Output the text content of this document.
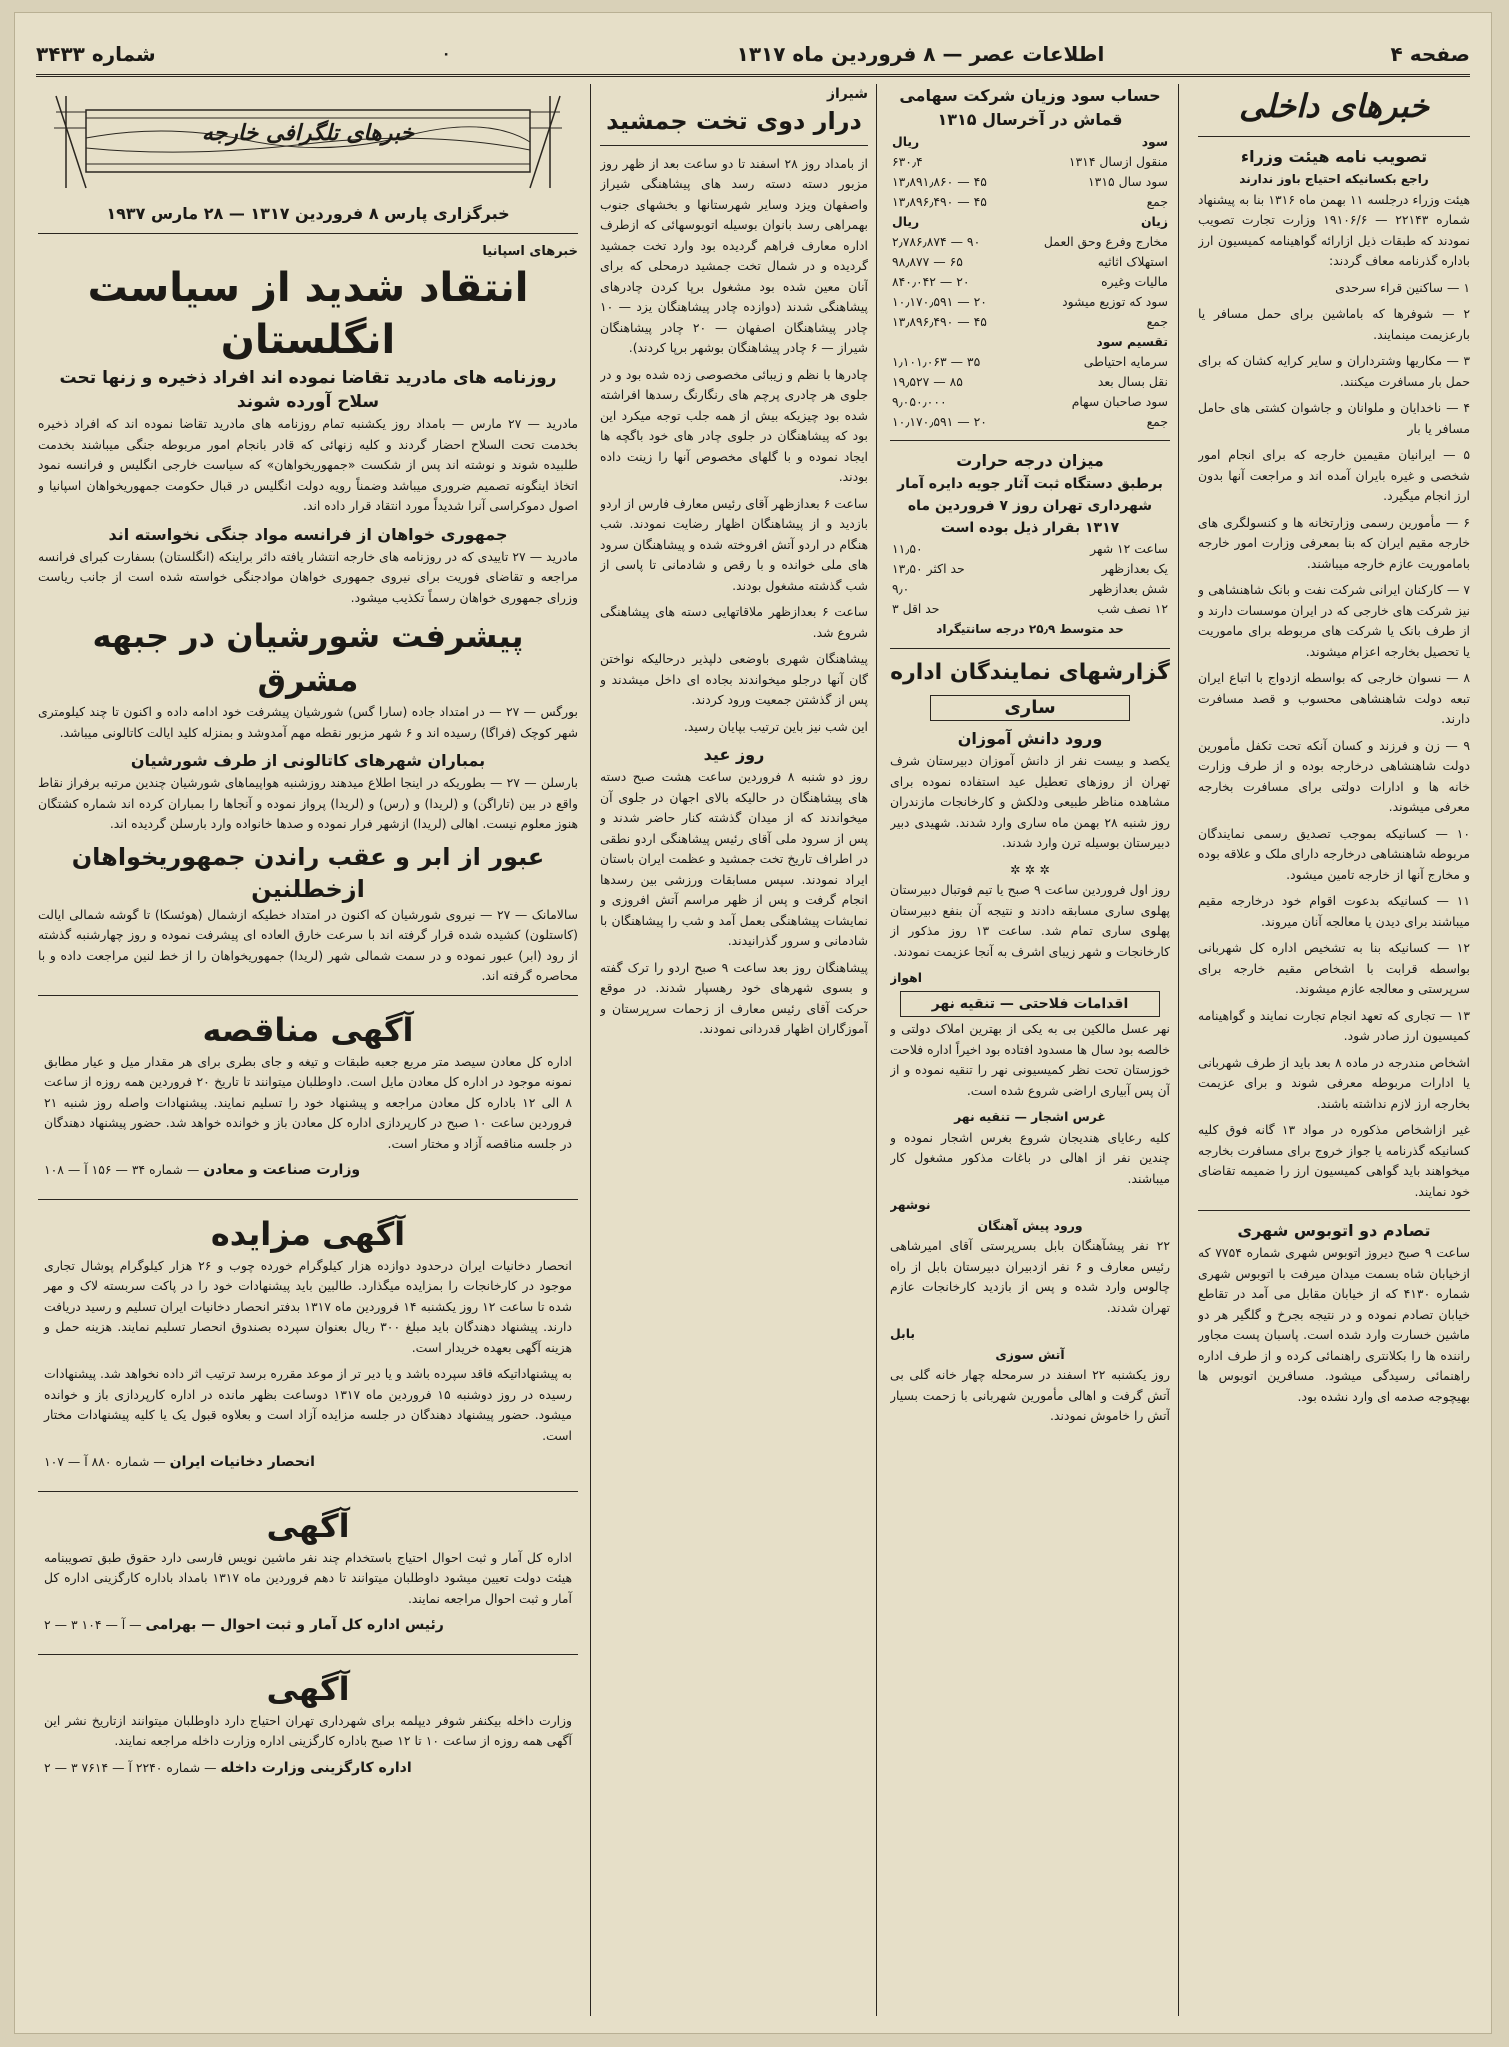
صفحه ۴
اطلاعات عصر — ۸ فروردین ماه ۱۳۱۷
۰
شماره ۳۴۳۳
خبرهای داخلی
تصویب نامه هیئت وزراء
راجع بکسانیکه احتیاج باوز ندارند

هیئت وزراء درجلسه ۱۱ بهمن ماه ۱۳۱۶ بنا به پیشنهاد شماره ۲۲۱۴۳ — ۱۹۱۰۶/۶ وزارت تجارت تصویب نمودند که طبقات ذیل ازارائه گواهینامه کمیسیون ارز باداره گذرنامه معاف گردند:

۱ — ساکنین قراء سرحدی

۲ — شوفرها که باماشین برای حمل مسافر یا بارعزیمت مینمایند.

۳ — مکاریها وشترداران و سایر کرایه کشان که برای حمل بار مسافرت میکنند.

۴ — ناخدایان و ملوانان و جاشوان کشتی های حامل مسافر یا بار

۵ — ایرانیان مقیمین خارجه که برای انجام امور شخصی و غیره بایران آمده اند و مراجعت آنها بدون ارز انجام میگیرد.

۶ — مأمورین رسمی وزارتخانه ها و کنسولگری های خارجه مقیم ایران که بنا بمعرفی وزارت امور خارجه باماموریت عازم خارجه میباشند.

۷ — کارکنان ایرانی شرکت نفت و بانک شاهنشاهی و نیز شرکت های خارجی که در ایران موسسات دارند و از طرف بانک یا شرکت های مربوطه برای ماموریت یا تحصیل بخارجه اعزام میشوند.

۸ — نسوان خارجی که بواسطه ازدواج با اتباع ایران تبعه دولت شاهنشاهی محسوب و قصد مسافرت دارند.

۹ — زن و فرزند و کسان آنکه تحت تکفل مأمورین دولت شاهنشاهی درخارجه بوده و از طرف وزارت خانه ها و ادارات دولتی برای مسافرت بخارجه معرفی میشوند.

۱۰ — کسانیکه بموجب تصدیق رسمی نمایندگان مربوطه شاهنشاهی درخارجه دارای ملک و علاقه بوده و مخارج آنها از خارجه تامین میشود.

۱۱ — کسانیکه بدعوت اقوام خود درخارجه مقیم میباشند برای دیدن یا معالجه آنان میروند.

۱۲ — کسانیکه بنا به تشخیص اداره کل شهربانی بواسطه قرابت با اشخاص مقیم خارجه برای سرپرستی و معالجه عازم میشوند.

۱۳ — تجاری که تعهد انجام تجارت نمایند و گواهینامه کمیسیون ارز صادر شود.

اشخاص مندرجه در ماده ۸ بعد باید از طرف شهربانی یا ادارات مربوطه معرفی شوند و برای عزیمت بخارجه ارز لازم نداشته باشند.

غیر ازاشخاص مذکوره در مواد ۱۳ گانه فوق کلیه کسانیکه گذرنامه یا جواز خروج برای مسافرت بخارجه میخواهند باید گواهی کمیسیون ارز را ضمیمه تقاضای خود نمایند.

تصادم دو اتوبوس شهری

ساعت ۹ صبح دیروز اتوبوس شهری شماره ۷۷۵۴ که ازخیابان شاه بسمت میدان میرفت با اتوبوس شهری شماره ۴۱۳۰ که از خیابان مقابل می آمد در تقاطع خیابان تصادم نموده و در نتیجه بجرخ و گلگیر هر دو ماشین خسارت وارد شده است. پاسبان پست مجاور راننده ها را بکلانتری راهنمائی کرده و از طرف اداره راهنمائی رسیدگی میشود. مسافرین اتوبوس ها بهیچوجه صدمه ای وارد نشده بود.

حساب سود وزیان شرکت سهامی قماش در آخرسال ۱۳۱۵
سود	ریال
منقول ازسال ۱۳۱۴	۶۳۰٫۴
سود سال ۱۳۱۵	۱۳٫۸۹۱٫۸۶۰ — ۴۵
جمع	۱۳٫۸۹۶٫۴۹۰ — ۴۵
زیان	ریال
مخارج وفرع وحق العمل	۲٫۷۸۶٫۸۷۴ — ۹۰
استهلاک اثاثیه	۹۸٫۸۷۷ — ۶۵
مالیات وغیره	۸۴۰٫۰۴۲ — ۲۰
سود که توزیع میشود	۱۰٫۱۷۰٫۵۹۱ — ۲۰
جمع	۱۳٫۸۹۶٫۴۹۰ — ۴۵
تقسیم سود	
سرمایه احتیاطی	۱٫۱۰۱٫۰۶۳ — ۳۵
نقل بسال بعد	۱۹٫۵۲۷ — ۸۵
سود صاحبان سهام	۹٫۰۵۰٫۰۰۰
جمع	۱۰٫۱۷۰٫۵۹۱ — ۲۰
میزان درجه حرارت
برطبق دستگاه ثبت آثار جویه دایره آمار شهرداری تهران روز ۷ فروردین ماه ۱۳۱۷ بقرار ذیل بوده است
ساعت ۱۲ شهر	۱۱٫۵۰
یک بعدازظهر	۱۳٫۵۰ حد اکثر
شش بعدازظهر	۹٫۰
۱۲ نصف شب	۳ حد اقل
حد متوسط ۲۵٫۹ درجه سانتیگراد
گزارشهای نمایندگان اداره
ساری
ورود دانش آموزان

یکصد و بیست نفر از دانش آموزان دبیرستان شرف تهران از روزهای تعطیل عید استفاده نموده برای مشاهده مناظر طبیعی ودلکش و کارخانجات مازندران روز شنبه ۲۸ بهمن ماه ساری وارد شدند. شهیدی دبیر دبیرستان بوسیله ترن وارد شدند.

✲ ✲ ✲

روز اول فروردین ساعت ۹ صبح یا تیم فوتبال دبیرستان پهلوی ساری مسابقه دادند و نتیجه آن بنفع دبیرستان پهلوی ساری تمام شد. ساعت ۱۳ روز مذکور از کارخانجات و شهر زیبای اشرف به آنجا عزیمت نمودند.

اهواز
اقدامات فلاحتی — تنقیه نهر

نهر عسل مالکین بی به یکی از بهترین املاک دولتی و خالصه بود سال ها مسدود افتاده بود اخیراً اداره فلاحت خوزستان تحت نظر کمیسیونی نهر را تنقیه نموده و از آن پس آبیاری اراضی شروع شده است.

غرس اشجار — تنقیه نهر

کلیه رعایای هندیجان شروع بغرس اشجار نموده و چندین نفر از اهالی در باغات مذکور مشغول کار میباشند.

نوشهر
ورود پیش آهنگان

۲۲ نفر پیشآهنگان بابل بسرپرستی آقای امیرشاهی رئیس معارف و ۶ نفر ازدبیران دبیرستان بابل از راه چالوس وارد شده و پس از بازدید کارخانجات عازم تهران شدند.

بابل
آتش سوزی

روز یکشنبه ۲۲ اسفند در سرمحله چهار خانه گلی بی آتش گرفت و اهالی مأمورین شهربانی با زحمت بسیار آتش را خاموش نمودند.

شیراز
درار دوی تخت جمشید

از بامداد روز ۲۸ اسفند تا دو ساعت بعد از ظهر روز مزبور دسته دسته رسد های پیشاهنگی شیراز واصفهان ویزد وسایر شهرستانها و بخشهای جنوب بهمراهی رسد بانوان بوسیله اتوبوسهائی که ازطرف اداره معارف فراهم گردیده بود وارد تخت جمشید گردیده و در شمال تخت جمشید درمحلی که برای آنان معین شده بود مشغول برپا کردن چادرهای پیشاهنگی شدند (دوازده چادر پیشاهنگان یزد — ۱۰ چادر پیشاهنگان اصفهان — ۲۰ چادر پیشاهنگان شیراز — ۶ چادر پیشاهنگان بوشهر برپا کردند).

چادرها با نظم و زیبائی مخصوصی زده شده بود و در جلوی هر چادری پرچم های رنگارنگ رسدها افراشته شده بود چیزیکه بیش از همه جلب توجه میکرد این بود که پیشاهنگان در جلوی چادر های خود باگچه ها ایجاد نموده و با گلهای مخصوص آنها را زینت داده بودند.

ساعت ۶ بعدازظهر آقای رئیس معارف فارس از اردو بازدید و از پیشاهنگان اظهار رضایت نمودند. شب هنگام در اردو آتش افروخته شده و پیشاهنگان سرود های ملی خوانده و با رقص و شادمانی تا پاسی از شب گذشته مشغول بودند.

ساعت ۶ بعدازظهر ملاقاتهایی دسته های پیشاهنگی شروع شد.

پیشاهنگان شهری باوضعی دلپذیر درحالیکه نواختن گان آنها درجلو میخواندند بجاده ای داخل میشدند و پس از گذشتن جمعیت ورود کردند.

این شب نیز باین ترتیب بپایان رسید.

روز عید

روز دو شنبه ۸ فروردین ساعت هشت صبح دسته های پیشاهنگان در حالیکه بالای اجهان در جلوی آن میخواندند که از میدان گذشته کنار حاضر شدند و پس از سرود ملی آقای رئیس پیشاهنگی اردو نطقی در اطراف تاریخ تخت جمشید و عظمت ایران باستان ایراد نمودند. سپس مسابقات ورزشی بین رسدها انجام گرفت و پس از ظهر مراسم آتش افروزی و نمایشات پیشاهنگی بعمل آمد و شب را پیشاهنگان با شادمانی و سرور گذرانیدند.

پیشاهنگان روز بعد ساعت ۹ صبح اردو را ترک گفته و بسوی شهرهای خود رهسپار شدند. در موقع حرکت آقای رئیس معارف از زحمات سرپرستان و آموزگاران اظهار قدردانی نمودند.

خبرهای تلگرافی خارجه
خبرگزاری پارس ۸ فروردین ۱۳۱۷ — ۲۸ مارس ۱۹۳۷
خبرهای اسپانیا
انتقاد شدید از سیاست انگلستان
روزنامه های مادرید تقاضا نموده اند افراد ذخیره و زنها تحت سلاح آورده شوند

مادرید — ۲۷ مارس — بامداد روز یکشنبه تمام روزنامه های مادرید تقاضا نموده اند که افراد ذخیره بخدمت تحت السلاح احضار گردند و کلیه زنهائی که قادر بانجام امور مربوطه جنگی میباشند بخدمت طلبیده شوند و نوشته اند پس از شکست «جمهوریخواهان» که سیاست خارجی انگلیس و فرانسه نمود اتخاذ اینگونه تصمیم ضروری میباشد وضمناً رویه دولت انگلیس در قبال حکومت جمهوریخواهان اسپانیا و اصول دموکراسی آنرا شدیداً مورد انتقاد قرار داده اند.

جمهوری خواهان از فرانسه مواد جنگی نخواسته اند

مادرید — ۲۷ تاییدی که در روزنامه های خارجه انتشار یافته دائر براینکه (انگلستان) بسفارت کبرای فرانسه مراجعه و تقاضای فوریت برای نیروی جمهوری خواهان موادجنگی خواسته شده است از جانب ریاست وزرای جمهوری خواهان رسماً تکذیب میشود.

پیشرفت شورشیان در جبهه مشرق

بورگس — ۲۷ — در امتداد جاده (سارا گس) شورشیان پیشرفت خود ادامه داده و اکنون تا چند کیلومتری شهر کوچک (فراگا) رسیده اند و ۶ شهر مزبور نقطه مهم آمدوشد و بمنزله کلید ایالت کاتالونی میباشد.

بمباران شهرهای کاتالونی از طرف شورشیان

بارسلن — ۲۷ — بطوریکه در اینجا اطلاع میدهند روزشنبه هواپیماهای شورشیان چندین مرتبه برفراز نقاط واقع در بین (تاراگن) و (لریدا) و (رس) و (لریدا) پرواز نموده و آنجاها را بمباران کرده اند شماره کشتگان هنوز معلوم نیست. اهالی (لریدا) ازشهر فرار نموده و صدها خانواده وارد بارسلن گردیده اند.

عبور از ابر و عقب راندن جمهوریخواهان ازخطلنین

سالامانک — ۲۷ — نیروی شورشیان که اکنون در امتداد خطیکه ازشمال (هوئسکا) تا گوشه شمالی ایالت (کاستلون) کشیده شده قرار گرفته اند با سرعت خارق العاده ای پیشرفت نموده و روز چهارشنبه گذشته از رود (ابر) عبور نموده و در سمت شمالی شهر (لریدا) جمهوریخواهان را از خط لنین مراجعت داده و با محاصره گرفته اند.

آگهی مناقصه

اداره کل معادن سیصد متر مربع جعبه طبقات و تیغه و جای بطری برای هر مقدار میل و عیار مطابق نمونه موجود در اداره کل معادن مایل است. داوطلبان میتوانند تا تاریخ ۲۰ فروردین همه روزه از ساعت ۸ الی ۱۲ باداره کل معادن مراجعه و پیشنهاد خود را تسلیم نمایند. پیشنهادات واصله روز شنبه ۲۱ فروردین ساعت ۱۰ صبح در کارپردازی اداره کل معادن باز و خوانده خواهد شد. حضور پیشنهاد دهندگان در جلسه مناقصه آزاد و مختار است.

وزارت صناعت و معادن — شماره ۳۴ — ۱۵۶ آ — ۱۰۸

آگهی مزایده

انحصار دخانیات ایران درحدود دوازده هزار کیلوگرام خورده چوب و ۲۶ هزار کیلوگرام پوشال تجاری موجود در کارخانجات را بمزایده میگذارد. طالبین باید پیشنهادات خود را در پاکت سربسته لاک و مهر شده تا ساعت ۱۲ روز یکشنبه ۱۴ فروردین ماه ۱۳۱۷ بدفتر انحصار دخانیات ایران تسلیم و رسید دریافت دارند. پیشنهاد دهندگان باید مبلغ ۳۰۰ ریال بعنوان سپرده بصندوق انحصار تسلیم نمایند. هزینه حمل و هزینه آگهی بعهده خریدار است.

به پیشنهاداتیکه فاقد سپرده باشد و یا دیر تر از موعد مقرره برسد ترتیب اثر داده نخواهد شد. پیشنهادات رسیده در روز دوشنبه ۱۵ فروردین ماه ۱۳۱۷ دوساعت بظهر مانده در اداره کارپردازی باز و خوانده میشود. حضور پیشنهاد دهندگان در جلسه مزایده آزاد است و بعلاوه قبول یک یا کلیه پیشنهادات مختار است.

انحصار دخانیات ایران — شماره ۸۸۰ آ — ۱۰۷

آگهی

اداره کل آمار و ثبت احوال احتیاج باستخدام چند نفر ماشین نویس فارسی دارد حقوق طبق تصویبنامه هیئت دولت تعیین میشود داوطلبان میتوانند تا دهم فروردین ماه ۱۳۱۷ بامداد باداره کارگزینی اداره کل آمار و ثبت احوال مراجعه نمایند.

رئیس اداره کل آمار و ثبت احوال — بهرامی — آ — ۱۰۴ ۳ — ۲

آگهی

وزارت داخله بیکنفر شوفر دیپلمه برای شهرداری تهران احتیاج دارد داوطلبان میتوانند ازتاریخ نشر این آگهی همه روزه از ساعت ۱۰ تا ۱۲ صبح باداره کارگزینی اداره وزارت داخله مراجعه نمایند.

اداره کارگزینی وزارت داخله — شماره ۲۲۴۰ آ — ۷۶۱۴ ۳ — ۲
